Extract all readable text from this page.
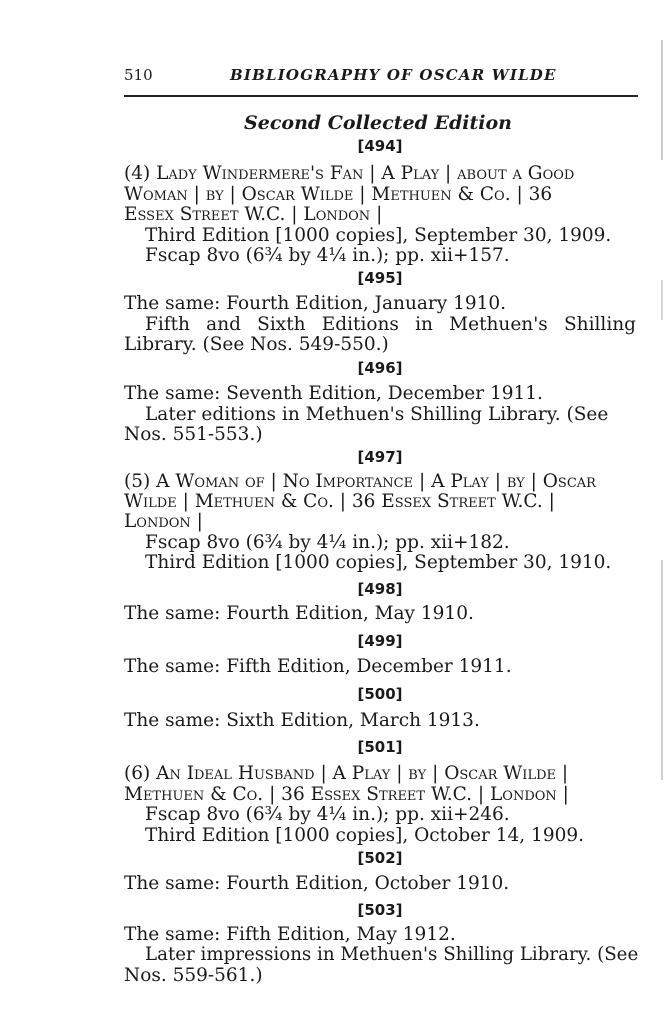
510	BIBLIOGRAPHY OF OSCAR WILDE
Second Collected Edition
[494]
(4) Lady Windermere's Fan | A Play | about a Good
Woman | by | Oscar Wilde | Methuen & Co. | 36
Essex Street W.C. | London |
Third Edition [1000 copies], September 30, 1909.
Fscap 8vo (6¾ by 4¼ in.); pp. xii+157.
[495]
The same: Fourth Edition, January 1910.
Fifth and Sixth Editions in Methuen's Shilling
Library. (See Nos. 549-550.)
[496]
The same: Seventh Edition, December 1911.
Later editions in Methuen's Shilling Library. (See
Nos. 551-553.)
[497]
(5) A Woman of | No Importance | A Play | by | Oscar
Wilde | Methuen & Co. | 36 Essex Street W.C. |
London |
Fscap 8vo (6¾ by 4¼ in.); pp. xii+182.
Third Edition [1000 copies], September 30, 1910.
[498]
The same: Fourth Edition, May 1910.
[499]
The same: Fifth Edition, December 1911.
[500]
The same: Sixth Edition, March 1913.
[501]
(6) An Ideal Husband | A Play | by | Oscar Wilde |
Methuen & Co. | 36 Essex Street W.C. | London |
Fscap 8vo (6¾ by 4¼ in.); pp. xii+246.
Third Edition [1000 copies], October 14, 1909.
[502]
The same: Fourth Edition, October 1910.
[503]
The same: Fifth Edition, May 1912.
Later impressions in Methuen's Shilling Library. (See
Nos. 559-561.)
